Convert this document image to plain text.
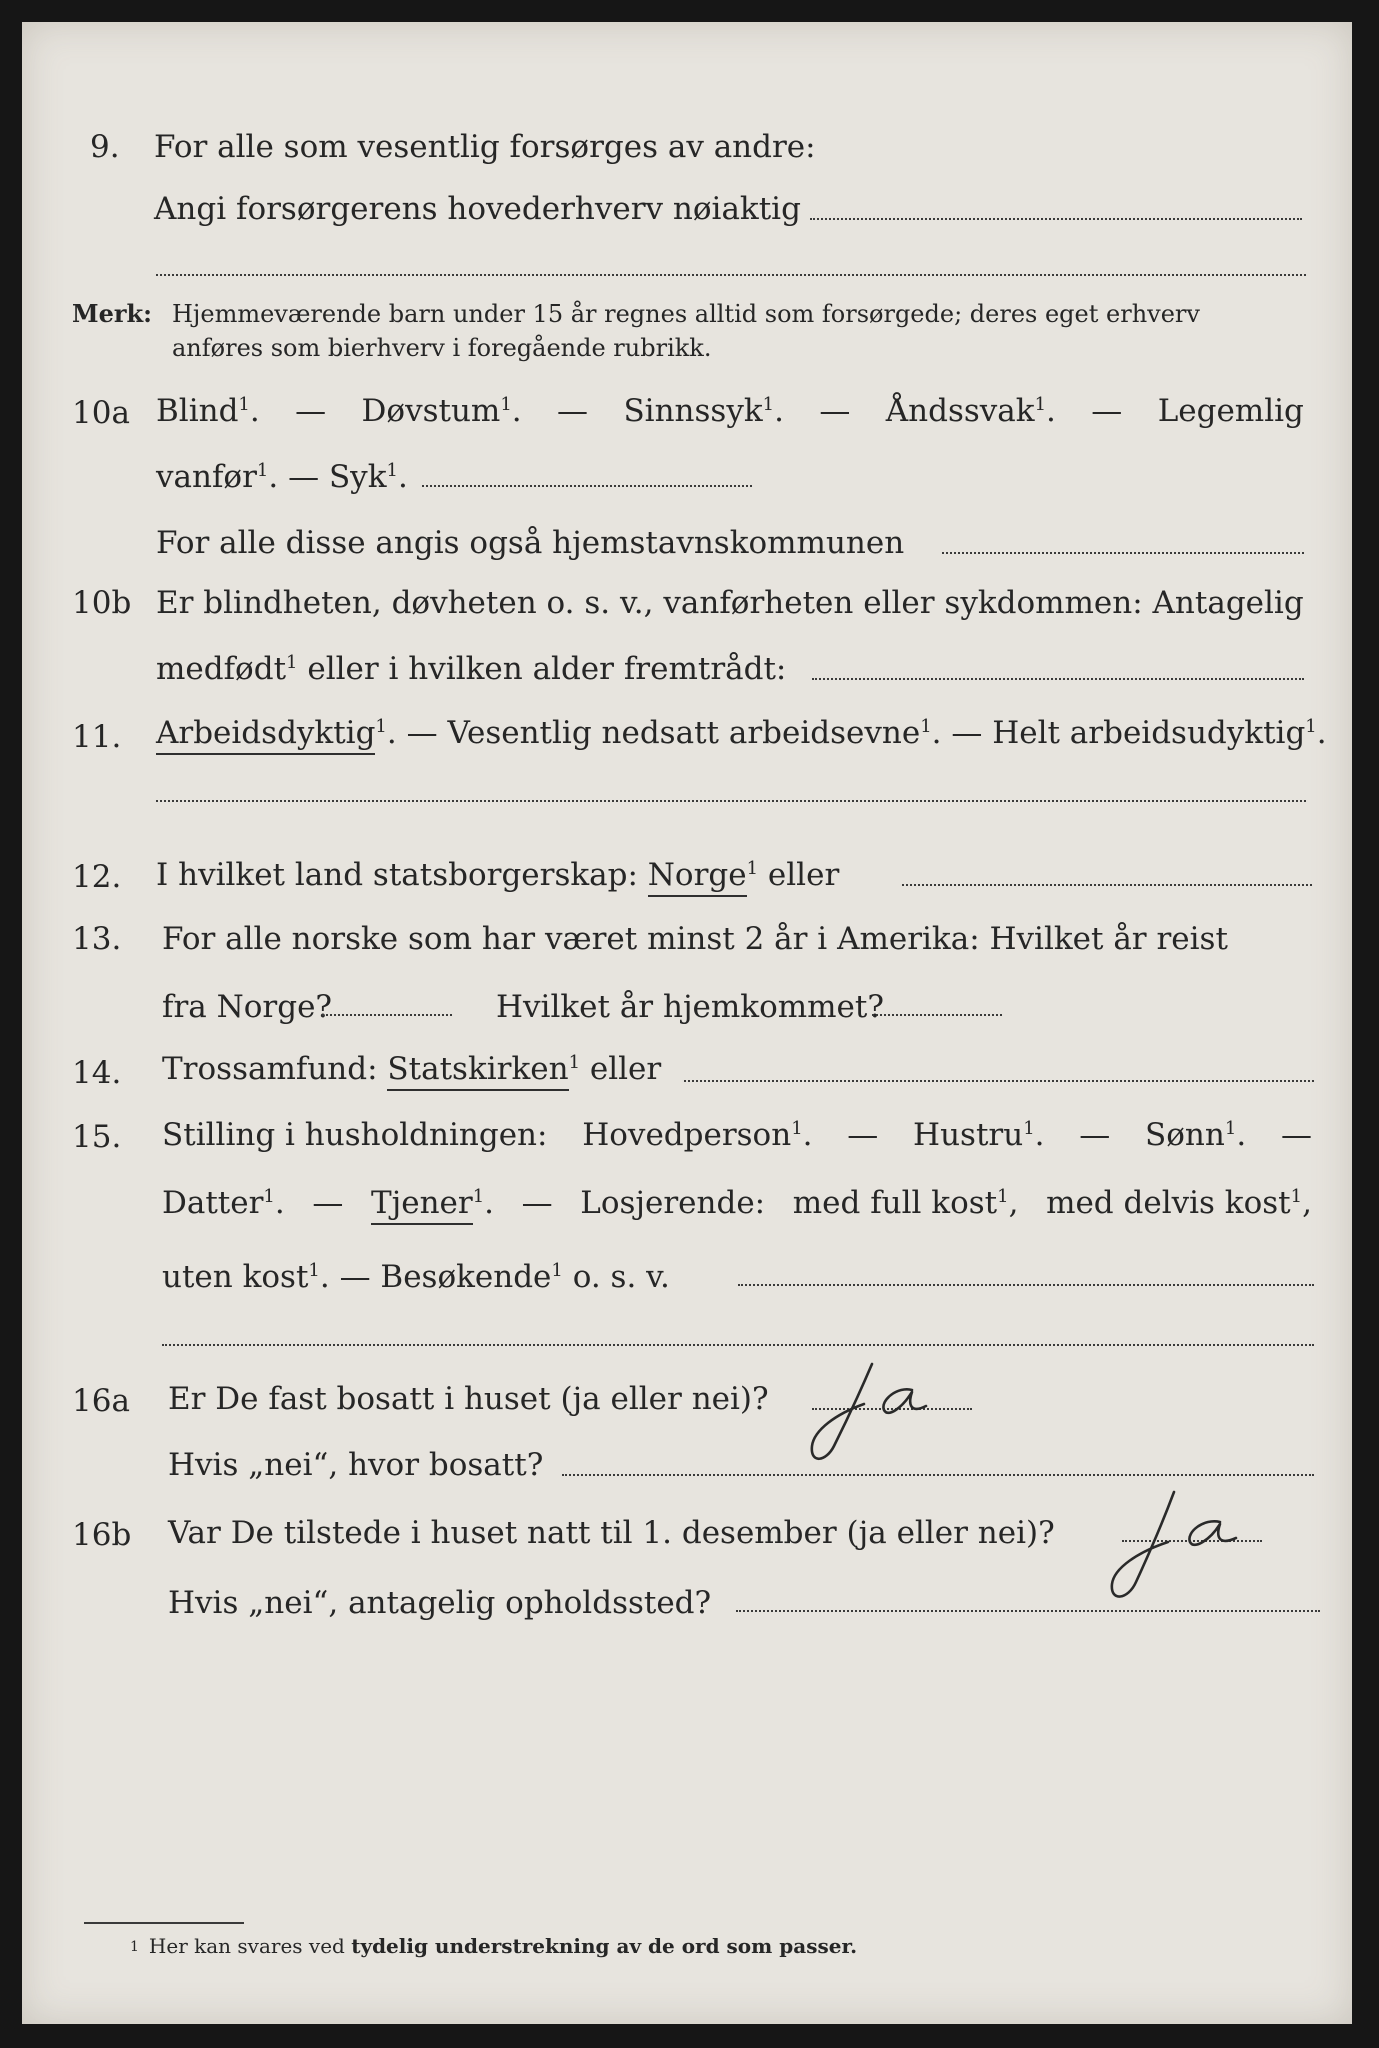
9. For alle som vesentlig forsørges av andre:
Angi forsørgerens hovederhverv nøiaktig
Merk: Hjemmeværende barn under 15 år regnes alltid som forsørgede; deres eget erhverv
anføres som bierhverv i foregående rubrikk.
10a Blind$^1$. — Døvstum$^1$. — Sinnssyk$^1$. — Åndssvak$^1$. — Legemlig
vanfør$^1$. — Syk$^1$.
For alle disse angis også hjemstavnskommunen
10b Er blindheten, døvheten o. s. v., vanførheten eller sykdommen: Antagelig
medfødt$^1$ eller i hvilken alder fremtrådt:
11. Arbeidsdyktig$^1$. — Vesentlig nedsatt arbeidsevne$^1$. — Helt arbeidsudyktig$^1$.
12. I hvilket land statsborgerskap: Norge$^1$ eller
13. For alle norske som har været minst 2 år i Amerika: Hvilket år reist
fra Norge?	Hvilket år hjemkommet?
14. Trossamfund: Statskirken$^1$ eller
15. Stilling i husholdningen: Hovedperson$^1$. — Hustru$^1$. — Sønn$^1$. —
Datter$^1$. — Tjener$^1$. — Losjerende: med full kost$^1$, med delvis kost$^1$,
uten kost$^1$. — Besøkende$^1$ o. s. v.
16a Er De fast bosatt i huset (ja eller nei)?
Hvis „nei“, hvor bosatt?
16b Var De tilstede i huset natt til 1. desember (ja eller nei)?
Hvis „nei“, antagelig opholdssted?
1 Her kan svares ved tydelig understrekning av de ord som passer.
